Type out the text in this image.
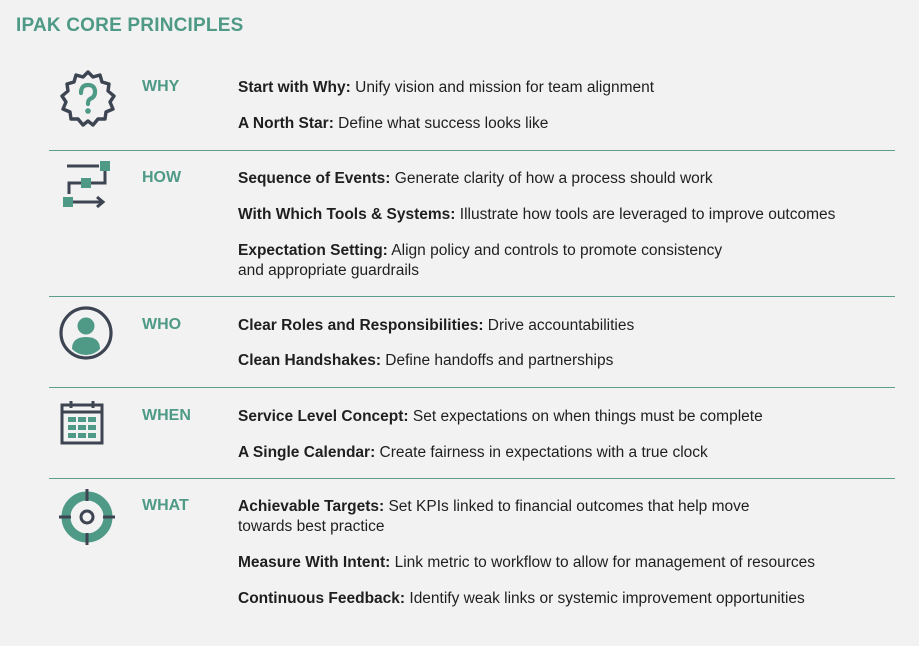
IPAK CORE PRINCIPLES
WHY	Start with Why: Unify vision and mission for team alignment
A North Star: Define what success looks like
HOW	Sequence of Events: Generate clarity of how a process should work
With Which Tools & Systems: Illustrate how tools are leveraged to improve outcomes
Expectation Setting: Align policy and controls to promote consistency
and appropriate guardrails
WHO	Clear Roles and Responsibilities: Drive accountabilities
Clean Handshakes: Define handoffs and partnerships
WHEN	Service Level Concept: Set expectations on when things must be complete
A Single Calendar: Create fairness in expectations with a true clock
WHAT	Achievable Targets: Set KPIs linked to financial outcomes that help move
towards best practice
Measure With Intent: Link metric to workflow to allow for management of resources
Continuous Feedback: Identify weak links or systemic improvement opportunities
